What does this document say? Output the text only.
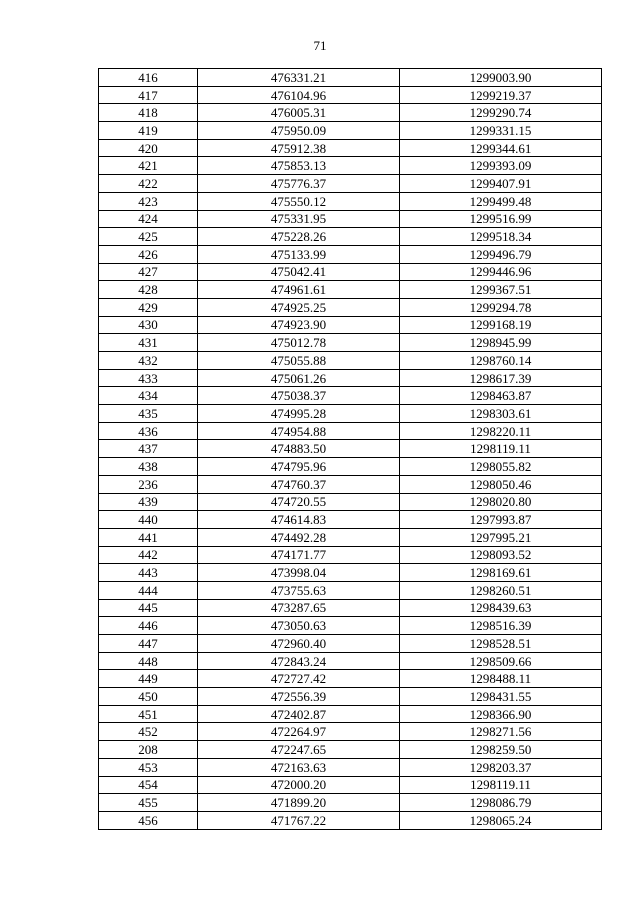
71
416	476331.21	1299003.90
417	476104.96	1299219.37
418	476005.31	1299290.74
419	475950.09	1299331.15
420	475912.38	1299344.61
421	475853.13	1299393.09
422	475776.37	1299407.91
423	475550.12	1299499.48
424	475331.95	1299516.99
425	475228.26	1299518.34
426	475133.99	1299496.79
427	475042.41	1299446.96
428	474961.61	1299367.51
429	474925.25	1299294.78
430	474923.90	1299168.19
431	475012.78	1298945.99
432	475055.88	1298760.14
433	475061.26	1298617.39
434	475038.37	1298463.87
435	474995.28	1298303.61
436	474954.88	1298220.11
437	474883.50	1298119.11
438	474795.96	1298055.82
236	474760.37	1298050.46
439	474720.55	1298020.80
440	474614.83	1297993.87
441	474492.28	1297995.21
442	474171.77	1298093.52
443	473998.04	1298169.61
444	473755.63	1298260.51
445	473287.65	1298439.63
446	473050.63	1298516.39
447	472960.40	1298528.51
448	472843.24	1298509.66
449	472727.42	1298488.11
450	472556.39	1298431.55
451	472402.87	1298366.90
452	472264.97	1298271.56
208	472247.65	1298259.50
453	472163.63	1298203.37
454	472000.20	1298119.11
455	471899.20	1298086.79
456	471767.22	1298065.24
